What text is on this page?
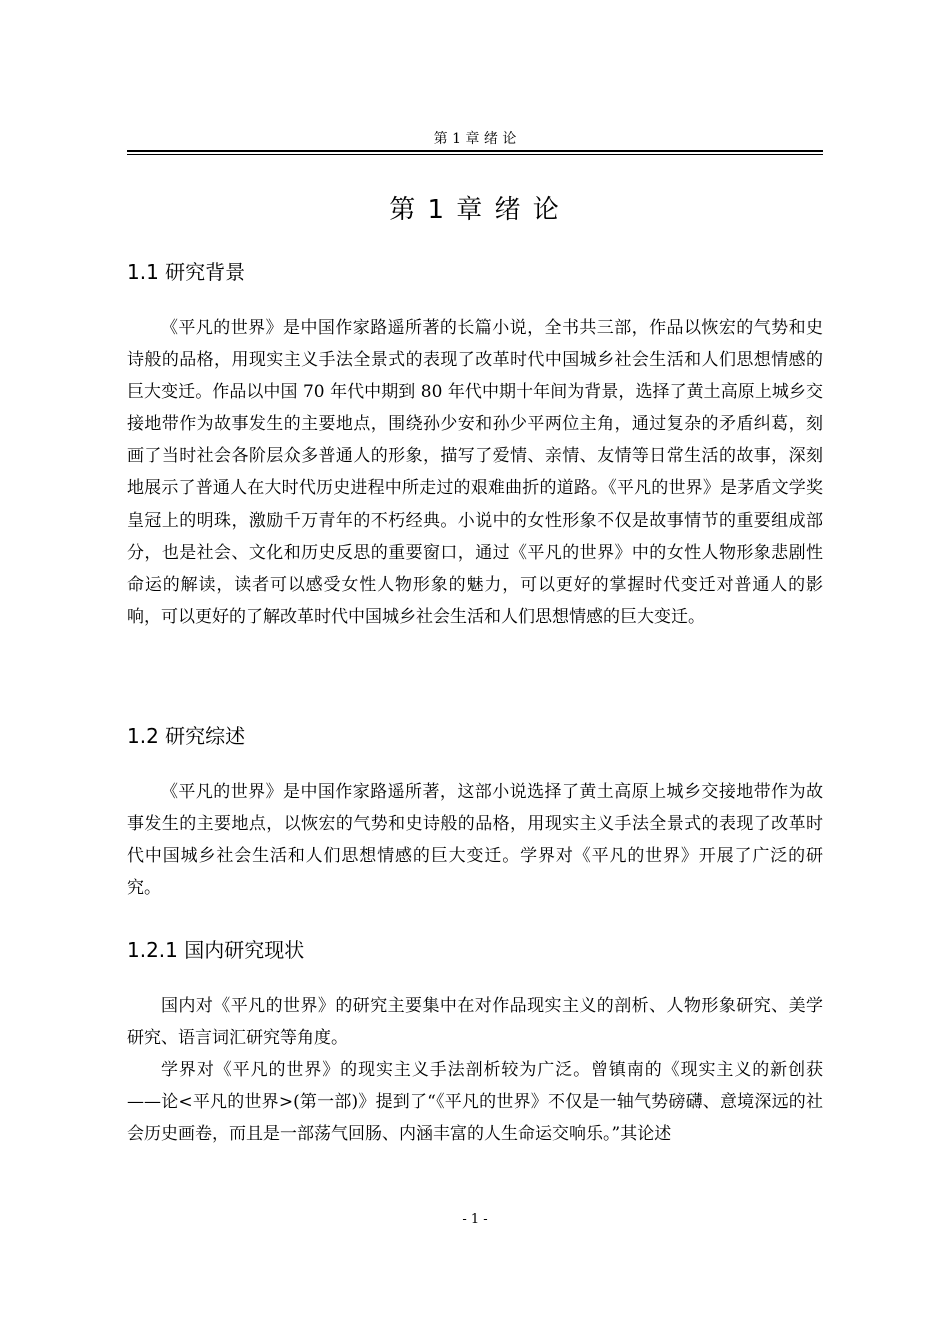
第 1 章 绪 论
第 1 章 绪 论
1.1 研究背景

《平凡的世界》是中国作家路遥所著的长篇小说，全书共三部，作品以恢宏的气势和史诗般的品格，用现实主义手法全景式的表现了改革时代中国城乡社会生活和人们思想情感的巨大变迁。作品以中国 70 年代中期到 80 年代中期十年间为背景，选择了黄土高原上城乡交接地带作为故事发生的主要地点，围绕孙少安和孙少平两位主角，通过复杂的矛盾纠葛，刻画了当时社会各阶层众多普通人的形象，描写了爱情、亲情、友情等日常生活的故事，深刻地展示了普通人在大时代历史进程中所走过的艰难曲折的道路。《平凡的世界》是茅盾文学奖皇冠上的明珠，激励千万青年的不朽经典。小说中的女性形象不仅是故事情节的重要组成部分，也是社会、文化和历史反思的重要窗口，通过《平凡的世界》中的女性人物形象悲剧性命运的解读，读者可以感受女性人物形象的魅力，可以更好的掌握时代变迁对普通人的影响，可以更好的了解改革时代中国城乡社会生活和人们思想情感的巨大变迁。

1.2 研究综述

《平凡的世界》是中国作家路遥所著，这部小说选择了黄土高原上城乡交接地带作为故事发生的主要地点，以恢宏的气势和史诗般的品格，用现实主义手法全景式的表现了改革时代中国城乡社会生活和人们思想情感的巨大变迁。学界对《平凡的世界》开展了广泛的研究。

1.2.1 国内研究现状

国内对《平凡的世界》的研究主要集中在对作品现实主义的剖析、人物形象研究、美学研究、语言词汇研究等角度。

学界对《平凡的世界》的现实主义手法剖析较为广泛。曾镇南的《现实主义的新创获——论<平凡的世界>(第一部)》提到了“《平凡的世界》不仅是一轴气势磅礴、意境深远的社会历史画卷，而且是一部荡气回肠、内涵丰富的人生命运交响乐。”其论述

- 1 -
